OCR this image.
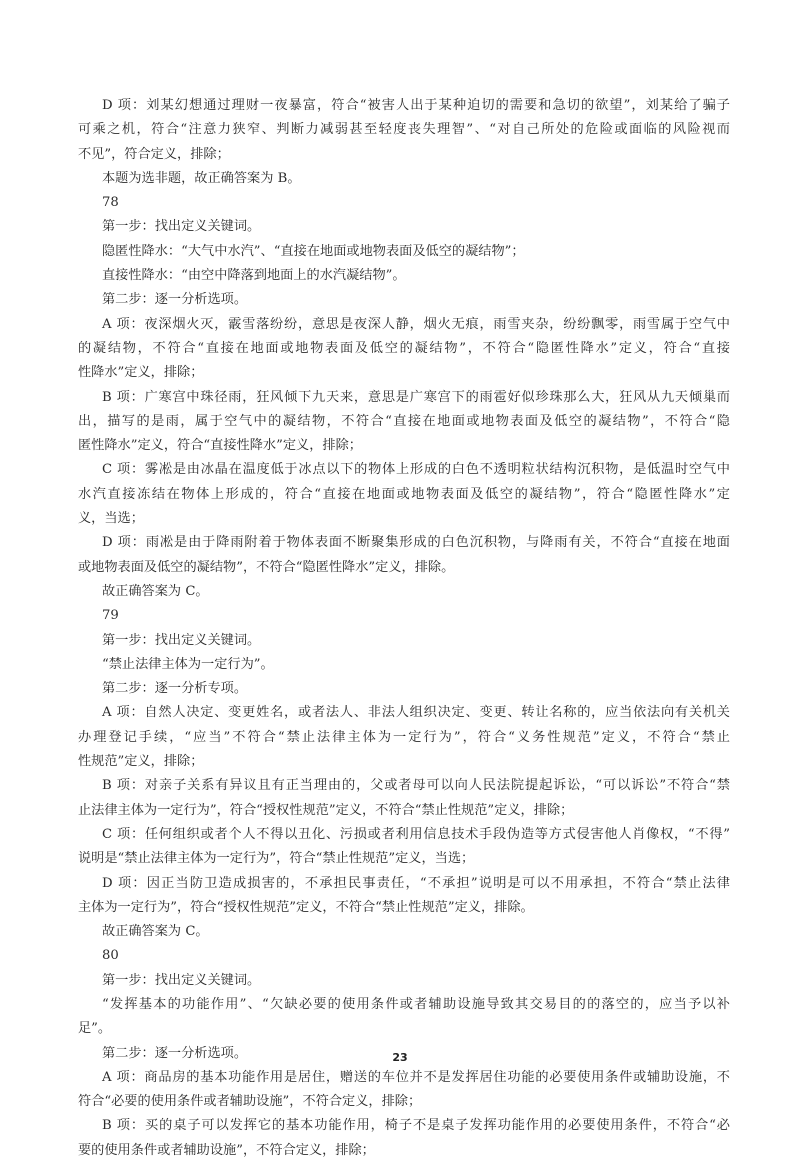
D 项：刘某幻想通过理财一夜暴富，符合“被害人出于某种迫切的需要和急切的欲望”，刘某给了骗子
可乘之机，符合“注意力狭窄、判断力减弱甚至轻度丧失理智”、“对自己所处的危险或面临的风险视而
不见”，符合定义，排除；
本题为选非题，故正确答案为 B。
78
第一步：找出定义关键词。
隐匿性降水：“大气中水汽”、“直接在地面或地物表面及低空的凝结物”；
直接性降水：“由空中降落到地面上的水汽凝结物”。
第二步：逐一分析选项。
A 项：夜深烟火灭，霰雪落纷纷，意思是夜深人静，烟火无痕，雨雪夹杂，纷纷飘零，雨雪属于空气中
的凝结物，不符合“直接在地面或地物表面及低空的凝结物”，不符合“隐匿性降水”定义，符合“直接
性降水”定义，排除；
B 项：广寒宫中珠径雨，狂风倾下九天来，意思是广寒宫下的雨雹好似珍珠那么大，狂风从九天倾巢而
出，描写的是雨，属于空气中的凝结物，不符合“直接在地面或地物表面及低空的凝结物”，不符合“隐
匿性降水”定义，符合“直接性降水”定义，排除；
C 项：雾凇是由冰晶在温度低于冰点以下的物体上形成的白色不透明粒状结构沉积物，是低温时空气中
水汽直接冻结在物体上形成的，符合“直接在地面或地物表面及低空的凝结物”，符合“隐匿性降水”定
义，当选；
D 项：雨凇是由于降雨附着于物体表面不断聚集形成的白色沉积物，与降雨有关，不符合“直接在地面
或地物表面及低空的凝结物”，不符合“隐匿性降水”定义，排除。
故正确答案为 C。
79
第一步：找出定义关键词。
“禁止法律主体为一定行为”。
第二步：逐一分析专项。
A 项：自然人决定、变更姓名，或者法人、非法人组织决定、变更、转让名称的，应当依法向有关机关
办理登记手续，“应当”不符合“禁止法律主体为一定行为”，符合“义务性规范”定义，不符合“禁止
性规范”定义，排除；
B 项：对亲子关系有异议且有正当理由的，父或者母可以向人民法院提起诉讼，“可以诉讼”不符合“禁
止法律主体为一定行为”，符合“授权性规范”定义，不符合“禁止性规范”定义，排除；
C 项：任何组织或者个人不得以丑化、污损或者利用信息技术手段伪造等方式侵害他人肖像权，“不得”
说明是“禁止法律主体为一定行为”，符合“禁止性规范”定义，当选；
D 项：因正当防卫造成损害的，不承担民事责任，“不承担”说明是可以不用承担，不符合“禁止法律
主体为一定行为”，符合“授权性规范”定义，不符合“禁止性规范”定义，排除。
故正确答案为 C。
80
第一步：找出定义关键词。
“发挥基本的功能作用”、“欠缺必要的使用条件或者辅助设施导致其交易目的的落空的，应当予以补
足”。
第二步：逐一分析选项。
A 项：商品房的基本功能作用是居住，赠送的车位并不是发挥居住功能的必要使用条件或辅助设施，不
符合“必要的使用条件或者辅助设施”，不符合定义，排除；
B 项：买的桌子可以发挥它的基本功能作用，椅子不是桌子发挥功能作用的必要使用条件，不符合“必
要的使用条件或者辅助设施”，不符合定义，排除；
23
